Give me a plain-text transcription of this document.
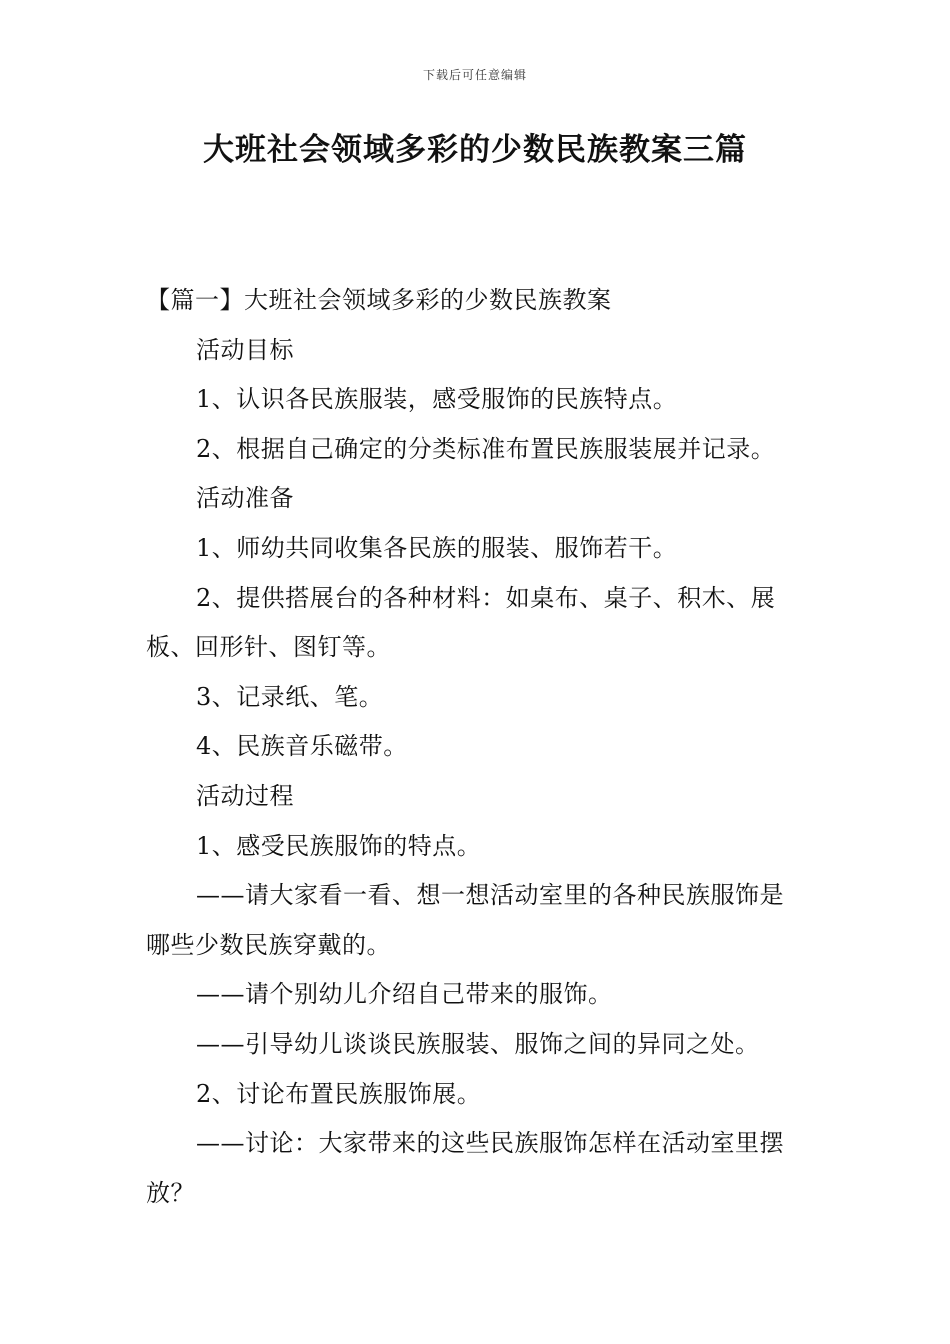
下载后可任意编辑
大班社会领域多彩的少数民族教案三篇

【篇一】大班社会领域多彩的少数民族教案

活动目标

1、认识各民族服装，感受服饰的民族特点。

2、根据自己确定的分类标准布置民族服装展并记录。

活动准备

1、师幼共同收集各民族的服装、服饰若干。

2、提供搭展台的各种材料：如桌布、桌子、积木、展板、回形针、图钉等。

3、记录纸、笔。

4、民族音乐磁带。

活动过程

1、感受民族服饰的特点。

——请大家看一看、想一想活动室里的各种民族服饰是哪些少数民族穿戴的。

——请个别幼儿介绍自己带来的服饰。

——引导幼儿谈谈民族服装、服饰之间的异同之处。

2、讨论布置民族服饰展。

——讨论：大家带来的这些民族服饰怎样在活动室里摆放？
